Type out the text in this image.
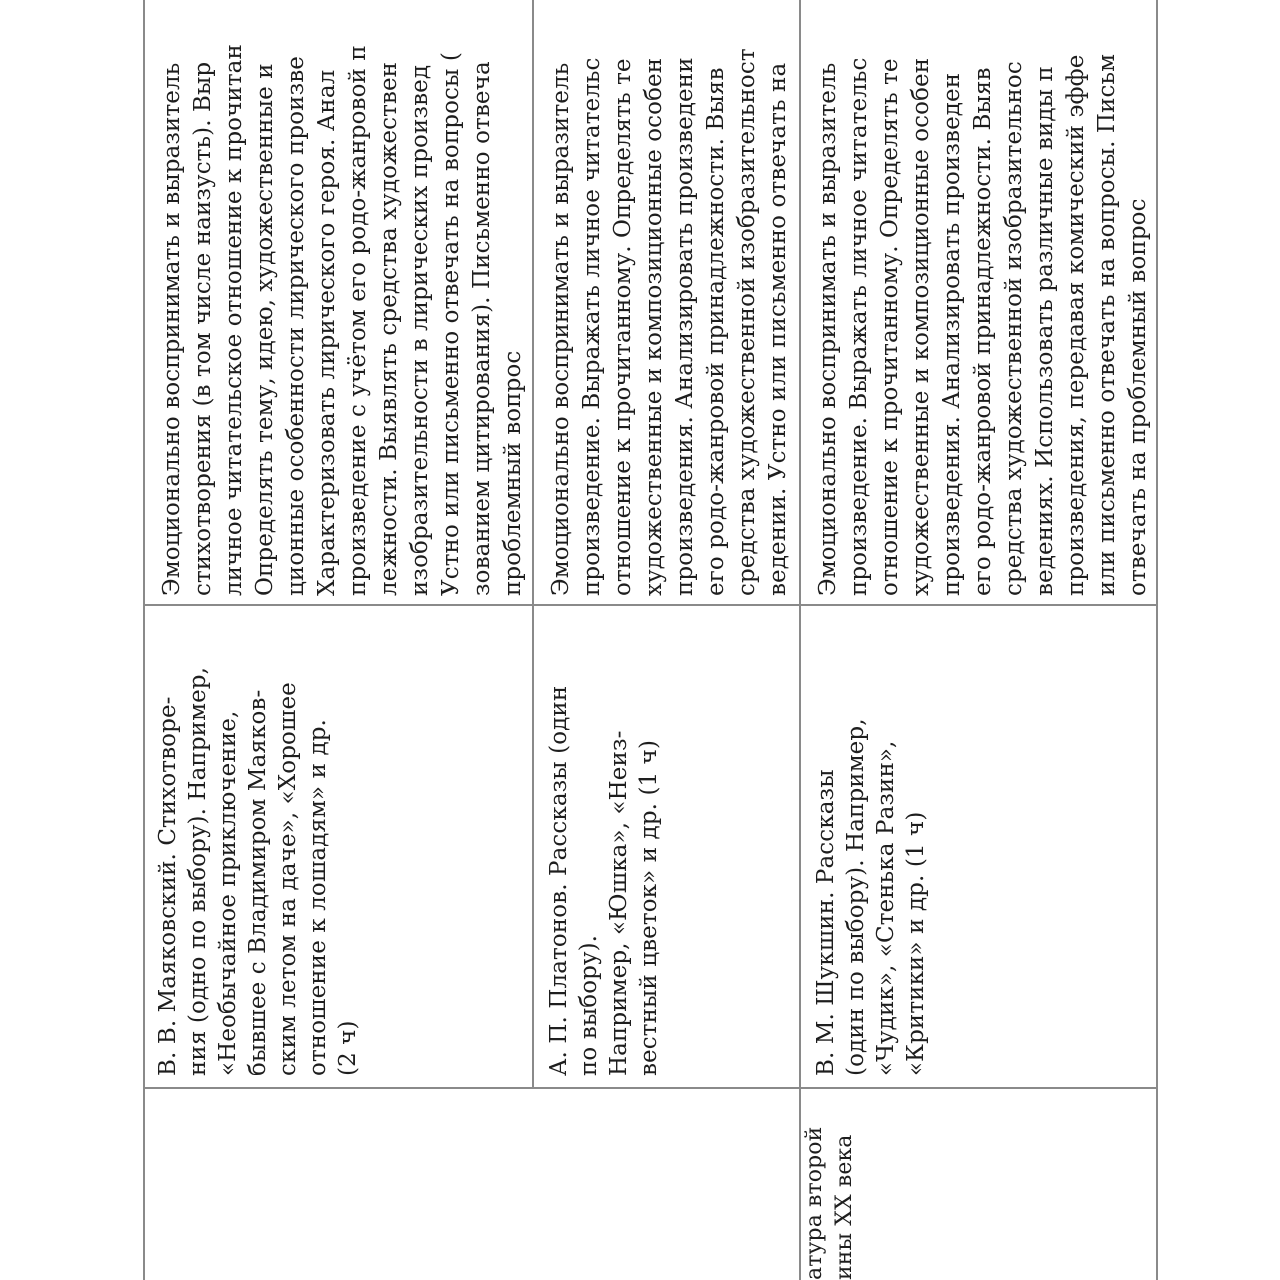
В. В. Маяковский. Стихотворе- ния (одно по выбору). Например, «Необычайное приключение, бывшее с Владимиром Маяков- ским летом на даче», «Хорошее отношение к лошадям» и др. (2 ч)
Эмоционально воспринимать и выразитель стихотворения (в том числе наизусть). Выр личное читательское отношение к прочитан Определять тему, идею, художественные и ционные особенности лирического произве Характеризовать лирического героя. Анал произведение с учётом его родо-жанровой п лежности. Выявлять средства художествен изобразительности в лирических произвед Устно или письменно отвечать на вопросы ( зованием цитирования). Письменно отвеча проблемный вопрос
А. П. Платонов. Рассказы (один по выбору). Например, «Юшка», «Неиз- вестный цветок» и др. (1 ч)
Эмоционально воспринимать и выразитель произведение. Выражать личное читательс отношение к прочитанному. Определять те художественные и композиционные особен произведения. Анализировать произведени его родо-жанровой принадлежности. Выяв средства художественной изобразительност ведении. Устно или письменно отвечать на
В. М. Шукшин. Рассказы (один по выбору). Например, «Чудик», «Стенька Разин», «Критики» и др. (1 ч)
Эмоционально воспринимать и выразитель произведение. Выражать личное читательс отношение к прочитанному. Определять те художественные и композиционные особен произведения. Анализировать произведен его родо-жанровой принадлежности. Выяв средства художественной изобразительнос ведениях. Использовать различные виды п произведения, передавая комический эффе или письменно отвечать на вопросы. Письм отвечать на проблемный вопрос
атура второй ины XX века
